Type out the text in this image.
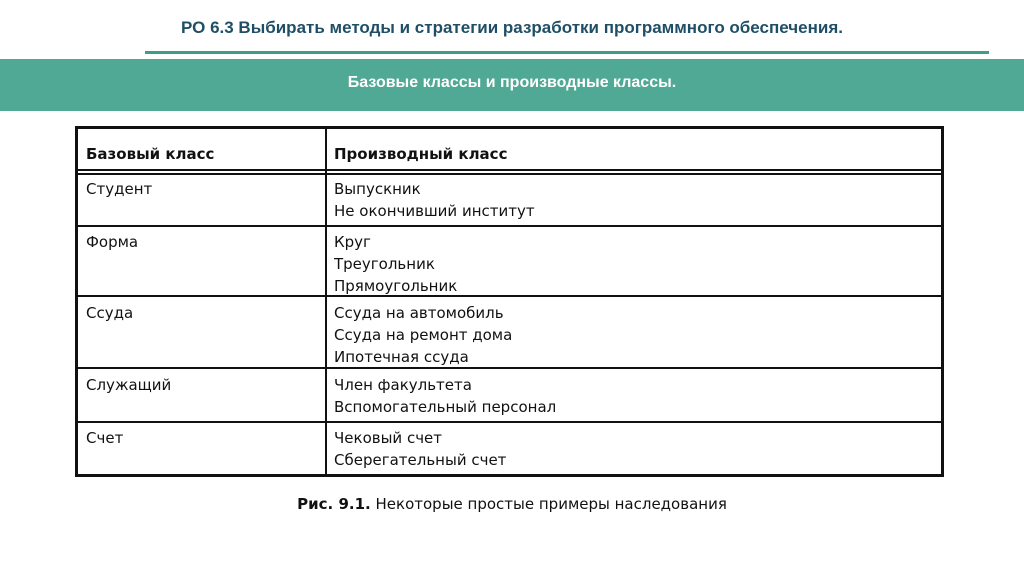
РО 6.3 Выбирать методы и стратегии разработки программного обеспечения.
Базовые классы и производные классы.
Базовый класс	Производный класс
Студент	Выпускник
Не окончивший институт
Форма	Круг
Треугольник
Прямоугольник
Ссуда	Ссуда на автомобиль
Ссуда на ремонт дома
Ипотечная ссуда
Служащий	Член факультета
Вспомогательный персонал
Счет	Чековый счет
Сберегательный счет
Рис. 9.1. Некоторые простые примеры наследования
